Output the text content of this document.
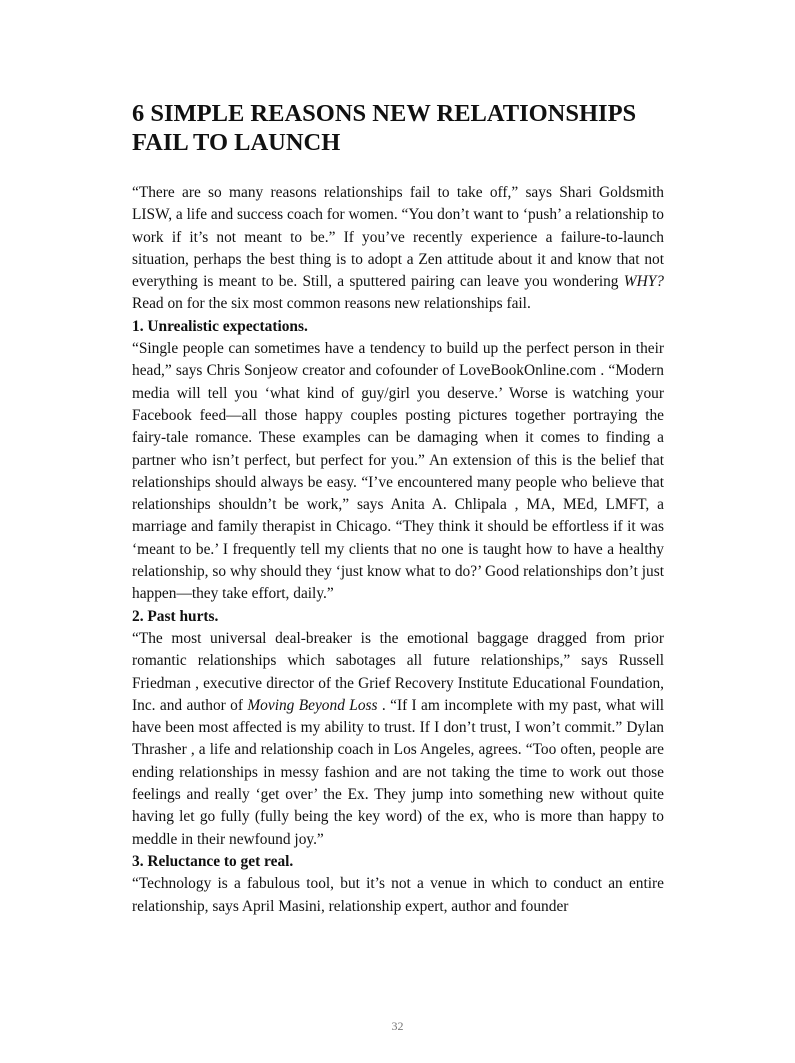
6 SIMPLE REASONS NEW RELATIONSHIPS FAIL TO LAUNCH

“There are so many reasons relationships fail to take off,” says Shari Goldsmith LISW, a life and success coach for women. “You don’t want to ‘push’ a relationship to work if it’s not meant to be.” If you’ve recently experience a failure-to-launch situation, perhaps the best thing is to adopt a Zen attitude about it and know that not everything is meant to be. Still, a sputtered pairing can leave you wondering WHY? Read on for the six most common reasons new relationships fail.

1. Unrealistic expectations.

“Single people can sometimes have a tendency to build up the perfect person in their head,” says Chris Sonjeow creator and cofounder of LoveBookOnline.com . “Modern media will tell you ‘what kind of guy/girl you deserve.’ Worse is watching your Facebook feed—all those happy couples posting pictures together portraying the fairy-tale romance. These examples can be damaging when it comes to finding a partner who isn’t perfect, but perfect for you.” An extension of this is the belief that relationships should always be easy. “I’ve encountered many people who believe that relationships shouldn’t be work,” says Anita A. Chlipala , MA, MEd, LMFT, a marriage and family therapist in Chicago. “They think it should be effortless if it was ‘meant to be.’ I frequently tell my clients that no one is taught how to have a healthy relationship, so why should they ‘just know what to do?’ Good relationships don’t just happen—they take effort, daily.”

2. Past hurts.

“The most universal deal-breaker is the emotional baggage dragged from prior romantic relationships which sabotages all future relationships,” says Russell Friedman , executive director of the Grief Recovery Institute Educational Foundation, Inc. and author of Moving Beyond Loss . “If I am incomplete with my past, what will have been most affected is my ability to trust. If I don’t trust, I won’t commit.” Dylan Thrasher , a life and relationship coach in Los Angeles, agrees. “Too often, people are ending relationships in messy fashion and are not taking the time to work out those feelings and really ‘get over’ the Ex. They jump into something new without quite having let go fully (fully being the key word) of the ex, who is more than happy to meddle in their newfound joy.”

3. Reluctance to get real.

“Technology is a fabulous tool, but it’s not a venue in which to conduct an entire relationship, says April Masini, relationship expert, author and founder

32
